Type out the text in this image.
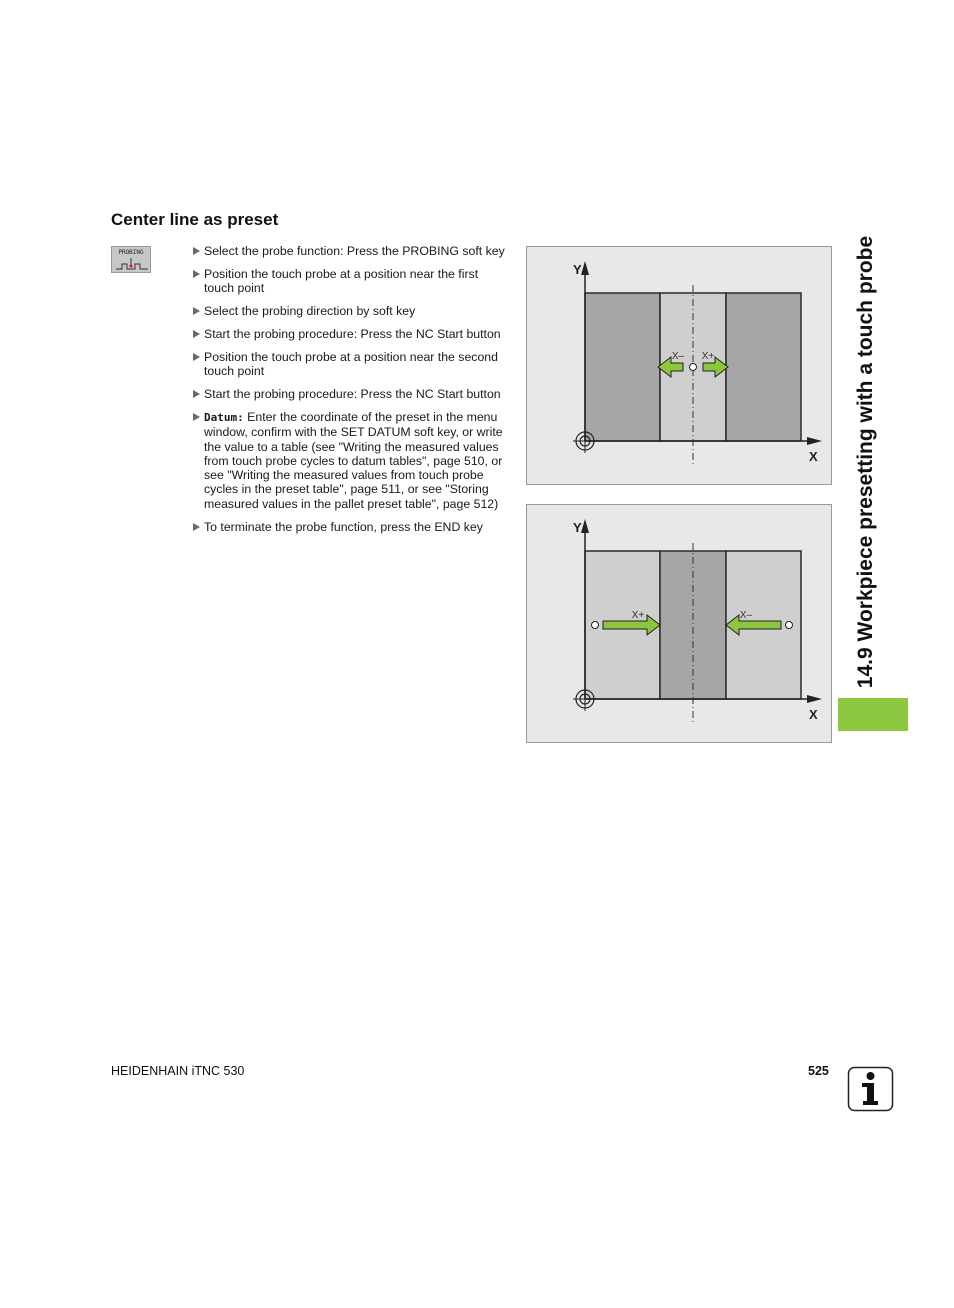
Center line as preset
PROBING	Select the probe function: Press the PROBING soft key
Position the touch probe at a position near the first touch point
Select the probing direction by soft key
Start the probing procedure: Press the NC Start button
Position the touch probe at a position near the second touch point
Start the probing procedure: Press the NC Start button
Datum: Enter the coordinate of the preset in the menu window, confirm with the SET DATUM soft key, or write the value to a table (see "Writing the measured values from touch probe cycles to datum tables", page 510, or see "Writing the measured values from touch probe cycles in the preset table", page 511, or see "Storing measured values in the pallet preset table", page 512)
To terminate the probe function, press the END key
X– X+
Y
X
X+	X–
Y
X
14.9 Workpiece presetting with a touch probe
HEIDENHAIN iTNC 530	525
